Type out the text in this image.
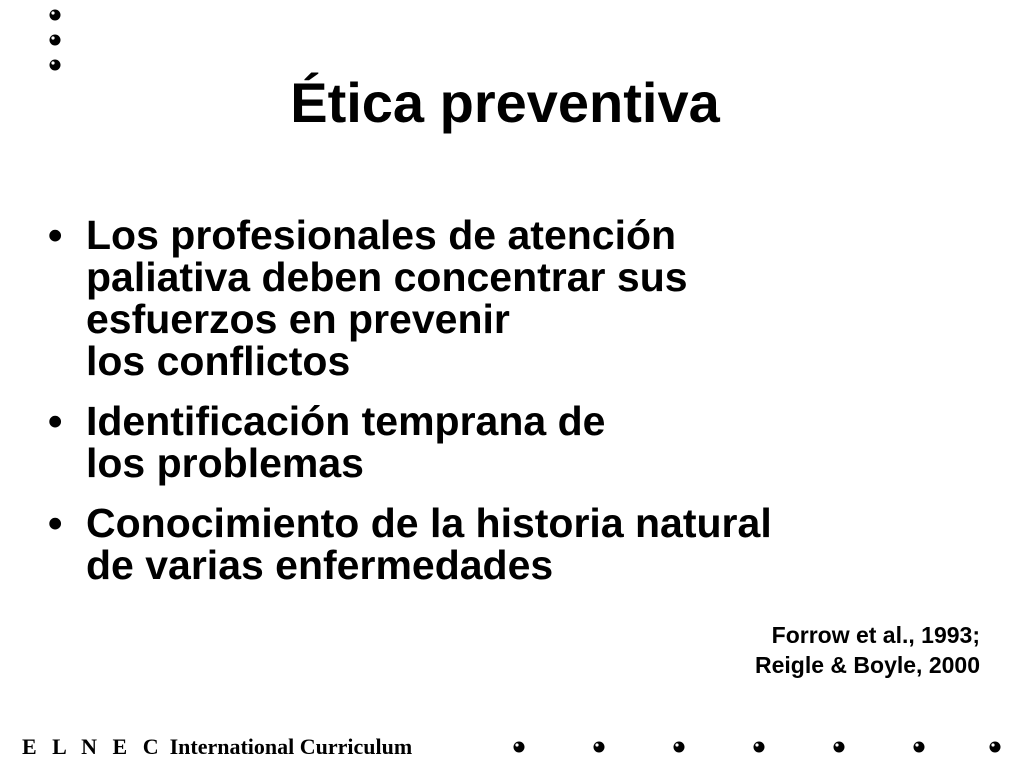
Ética preventiva
• Los profesionales de atención
paliativa deben concentrar sus
esfuerzos en prevenir
los conflictos
• Identificación temprana de
los problemas
• Conocimiento de la historia natural
de varias enfermedades
Forrow et al., 1993;
Reigle & Boyle, 2000
E L N E C International Curriculum
